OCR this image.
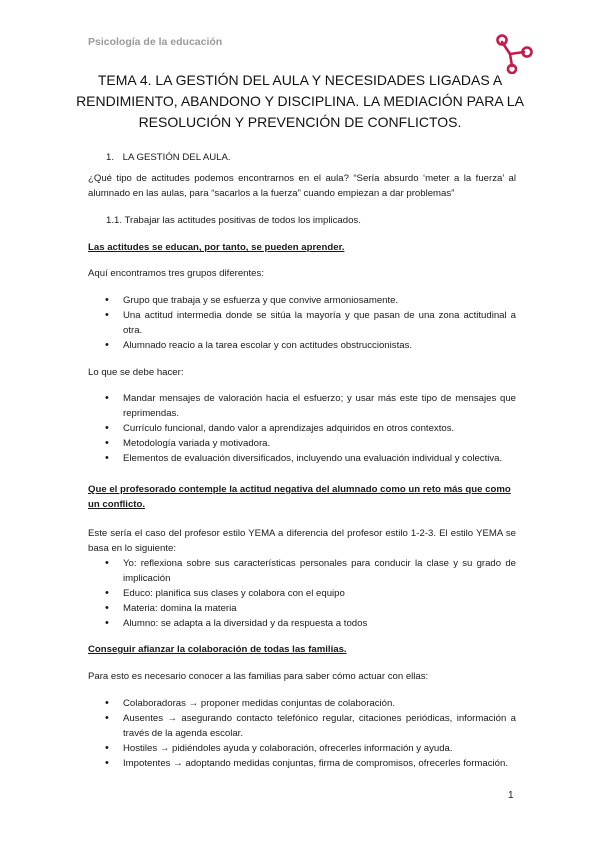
Psicología de la educación
TEMA 4. LA GESTIÓN DEL AULA Y NECESIDADES LIGADAS A RENDIMIENTO, ABANDONO Y DISCIPLINA. LA MEDIACIÓN PARA LA RESOLUCIÓN Y PREVENCIÓN DE CONFLICTOS.
1. LA GESTIÓN DEL AULA.

¿Qué tipo de actitudes podemos encontrarnos en el aula? “Sería absurdo ‘meter a la fuerza’ al alumnado en las aulas, para “sacarlos a la fuerza” cuando empiezan a dar problemas”

1.1. Trabajar las actitudes positivas de todos los implicados.

Las actitudes se educan, por tanto, se pueden aprender.

Aquí encontramos tres grupos diferentes:

• Grupo que trabaja y se esfuerza y que convive armoniosamente.
• Una actitud intermedia donde se sitúa la mayoría y que pasan de una zona actitudinal a otra.
• Alumnado reacio a la tarea escolar y con actitudes obstruccionistas.

Lo que se debe hacer:

• Mandar mensajes de valoración hacia el esfuerzo; y usar más este tipo de mensajes que reprimendas.
• Currículo funcional, dando valor a aprendizajes adquiridos en otros contextos.
• Metodología variada y motivadora.
• Elementos de evaluación diversificados, incluyendo una evaluación individual y colectiva.

Que el profesorado contemple la actitud negativa del alumnado como un reto más que como un conflicto.

Este sería el caso del profesor estilo YEMA a diferencia del profesor estilo 1-2-3. El estilo YEMA se basa en lo siguiente:

• Yo: reflexiona sobre sus características personales para conducir la clase y su grado de implicación
• Educo: planifica sus clases y colabora con el equipo
• Materia: domina la materia
• Alumno: se adapta a la diversidad y da respuesta a todos

Conseguir afianzar la colaboración de todas las familias.

Para esto es necesario conocer a las familias para saber cómo actuar con ellas:

• Colaboradoras → proponer medidas conjuntas de colaboración.
• Ausentes → asegurando contacto telefónico regular, citaciones periódicas, información a través de la agenda escolar.
• Hostiles → pidiéndoles ayuda y colaboración, ofrecerles información y ayuda.
• Impotentes → adoptando medidas conjuntas, firma de compromisos, ofrecerles formación.
1
